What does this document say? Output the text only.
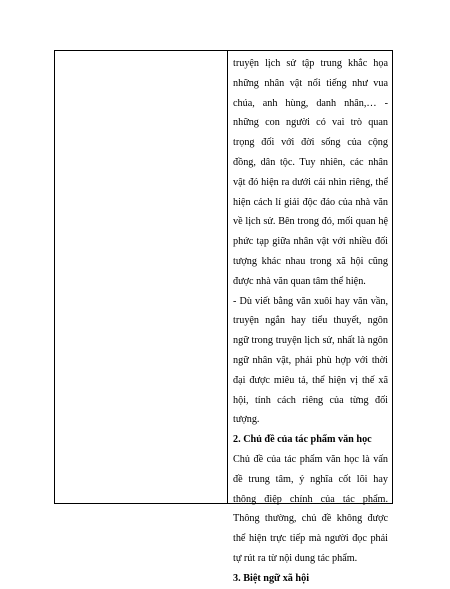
truyện lịch sử tập trung khắc họa những nhân vật nổi tiếng như vua chúa, anh hùng, danh nhân,… - những con người có vai trò quan trọng đối với đời sống của cộng đồng, dân tộc. Tuy nhiên, các nhân vật đó hiện ra dưới cái nhìn riêng, thể hiện cách lí giải độc đáo của nhà văn về lịch sử. Bên trong đó, mối quan hệ phức tạp giữa nhân vật với nhiều đối tượng khác nhau trong xã hội cũng được nhà văn quan tâm thể hiện.

- Dù viết bằng văn xuôi hay văn vần, truyện ngắn hay tiểu thuyết, ngôn ngữ trong truyện lịch sử, nhất là ngôn ngữ nhân vật, phải phù hợp với thời đại được miêu tả, thể hiện vị thế xã hội, tính cách riêng của từng đối tượng.

2. Chủ đề của tác phẩm văn học

Chủ đề của tác phẩm văn học là vấn đề trung tâm, ý nghĩa cốt lõi hay thông điệp chính của tác phẩm. Thông thường, chủ đề không được thể hiện trực tiếp mà người đọc phải tự rút ra từ nội dung tác phẩm.

3. Biệt ngữ xã hội
